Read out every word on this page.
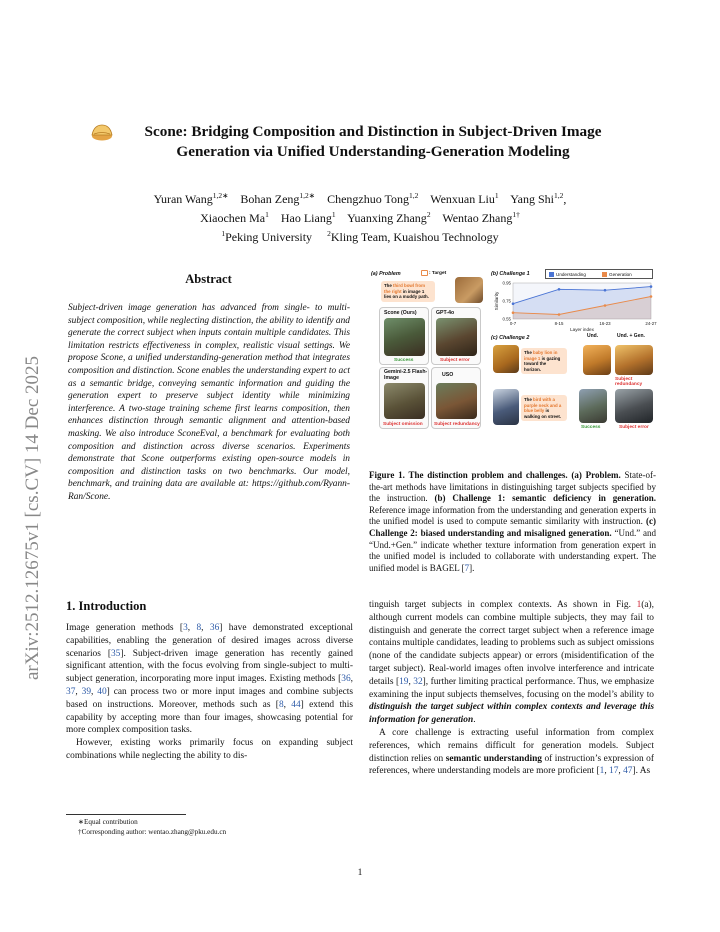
arXiv:2512.12675v1 [cs.CV] 14 Dec 2025
Scone: Bridging Composition and Distinction in Subject-Driven Image
Generation via Unified Understanding-Generation Modeling
Yuran Wang$^{1,2∗}$ Bohan Zeng$^{1,2∗}$ Chengzhuo Tong$^{1,2}$ Wenxuan Liu$^1$ Yang Shi$^{1,2}$,
Xiaochen Ma$^1$ Hao Liang$^1$ Yuanxing Zhang$^2$ Wentao Zhang$^{1\dagger}$
$^1$Peking University $^2$Kling Team, Kuaishou Technology
Abstract
Subject-driven image generation has advanced from single- to multi-subject composition, while neglecting distinction, the ability to identify and generate the correct subject when inputs contain multiple candidates. This limitation restricts effectiveness in complex, realistic visual settings. We propose Scone, a unified understanding-generation method that integrates composition and distinction. Scone enables the understanding expert to act as a semantic bridge, conveying semantic information and guiding the generation expert to preserve subject identity while minimizing interference. A two-stage training scheme first learns composition, then enhances distinction through semantic alignment and attention-based masking. We also introduce SconeEval, a benchmark for evaluating both composition and distinction across diverse scenarios. Experiments demonstrate that Scone outperforms existing open-source models in composition and distinction tasks on two benchmarks. Our model, benchmark, and training data are available at: https://github.com/Ryann-Ran/Scone.
1. Introduction

Image generation methods [3, 8, 36] have demonstrated exceptional capabilities, enabling the generation of desired images across diverse scenarios [35]. Subject-driven image generation has recently gained significant attention, with the focus evolving from single-subject to multi-subject generation, incorporating more input images. Existing methods [36, 37, 39, 40] can process two or more input images and combine subjects based on instructions. Moreover, methods such as [8, 44] extend this capability by accepting more than four images, showcasing potential for more complex composition tasks.

However, existing works primarily focus on expanding subject combinations while neglecting the ability to dis-

tinguish target subjects in complex contexts. As shown in Fig. 1(a), although current models can combine multiple subjects, they may fail to distinguish and generate the correct target subject when a reference image contains multiple candidates, leading to problems such as subject omissions (none of the candidate subjects appear) or errors (misidentification of the target subject). Real-world images often involve interference and intricate details [19, 32], further limiting practical performance. Thus, we emphasize examining the input subjects themselves, focusing on the model’s ability to distinguish the target subject within complex contexts and leverage this information for generation.

A core challenge is extracting useful information from complex references, which remains difficult for generation models. Subject distinction relies on semantic understanding of instruction’s expression of references, where understanding models are more proficient [1, 17, 47]. As

∗Equal contribution
†Corresponding author: wentao.zhang@pku.edu.cn
1
(a) Problem	: Target
The third bowl from the right in image 1 lies on a muddy path.
Scone (Ours)
Success
GPT-4o
Subject error
Gemini-2.5 Flash-Image
Subject omission
USO
Subject redundancy
(b) Challenge 1	Understanding	Generation
0.55
0.75
0.95
0-7	8-15	16-23	24-27
Layer index
Similarity
(c) Challenge 2	Und.	Und. + Gen.
The baby lion in image 1 is gazing toward the horizon.
Subject redundancy
The bird with a purple neck and a blue belly is walking on street.
Success	Subject error
Figure 1. The distinction problem and challenges. (a) Problem. State-of-the-art methods have limitations in distinguishing target subjects specified by the instruction. (b) Challenge 1: semantic deficiency in generation. Reference image information from the understanding and generation experts in the unified model is used to compute semantic similarity with instruction. (c) Challenge 2: biased understanding and misaligned generation. “Und.” and “Und.+Gen.” indicate whether texture information from generation expert in the unified model is included to collaborate with understanding expert. The unified model is BAGEL [7].
